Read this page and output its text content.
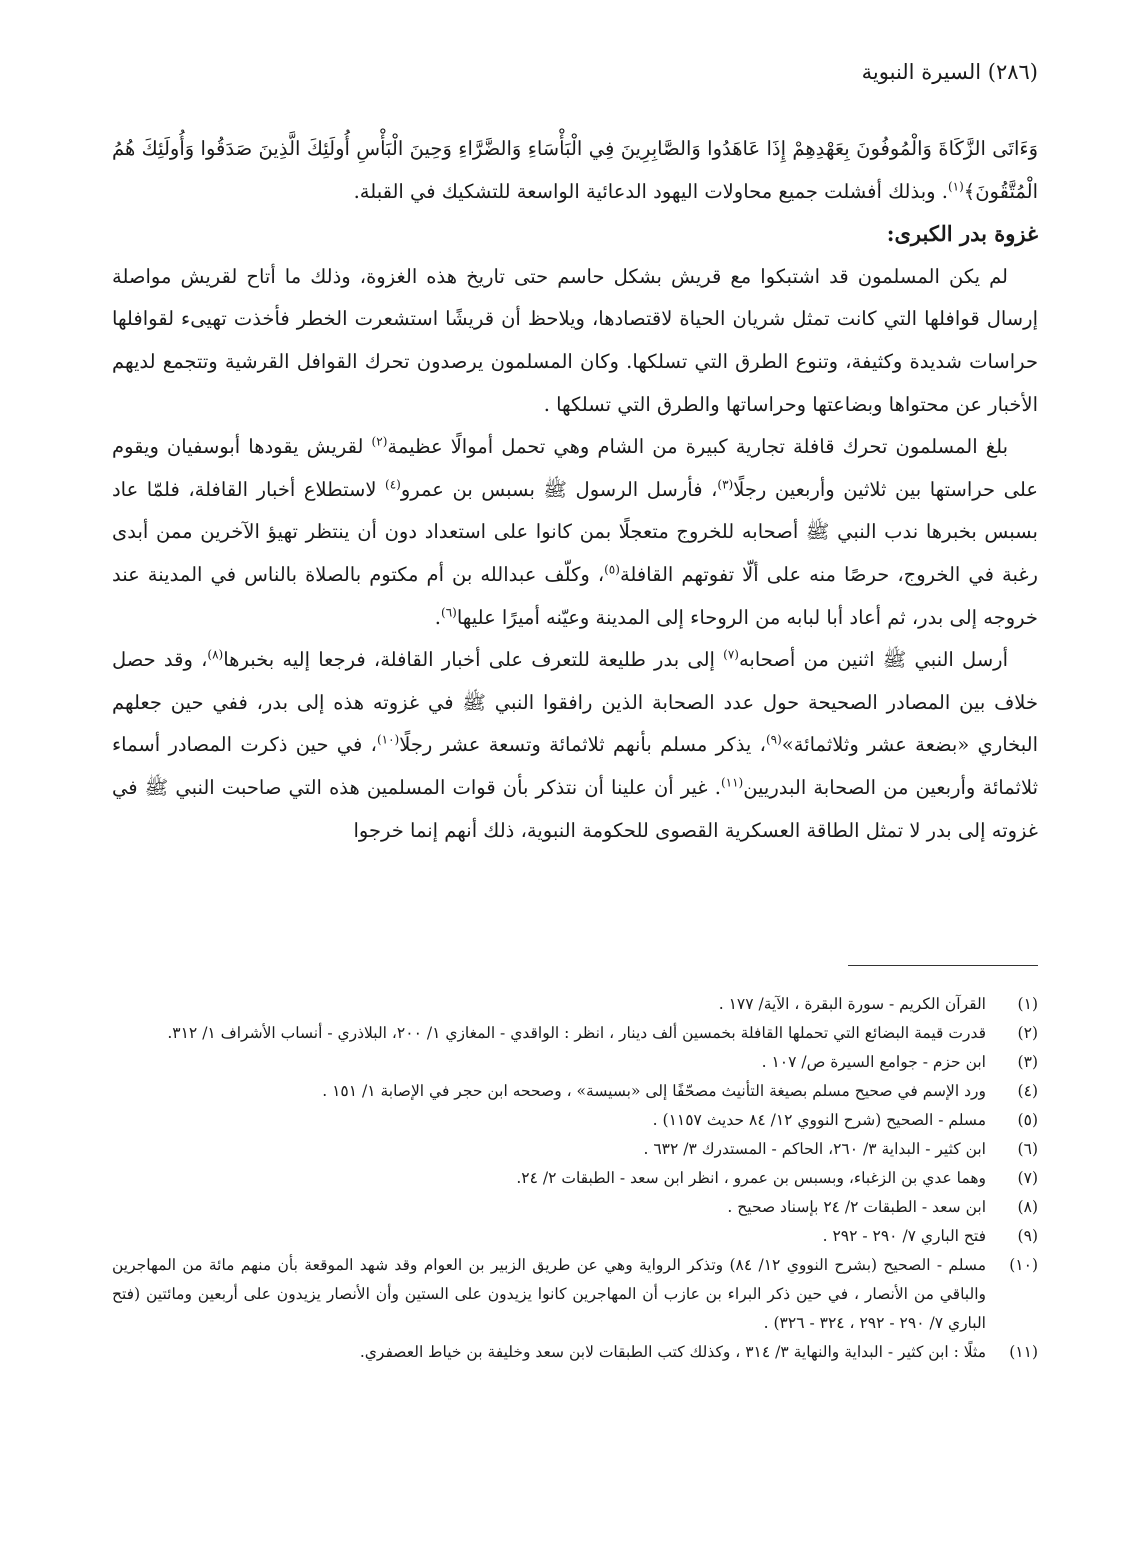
(٢٨٦) السيرة النبوية

وَءَاتَى الزَّكَاةَ وَالْمُوفُونَ بِعَهْدِهِمْ إِذَا عَاهَدُوا وَالصَّابِرِينَ فِي الْبَأْسَاءِ وَالضَّرَّاءِ وَحِينَ الْبَأْسِ أُولَئِكَ الَّذِينَ صَدَقُوا وَأُولَئِكَ هُمُ الْمُتَّقُونَ﴾$^{(١)}$. وبذلك أفشلت جميع محاولات اليهود الدعائية الواسعة للتشكيك في القبلة.

غزوة بدر الكبرى:

لم يكن المسلمون قد اشتبكوا مع قريش بشكل حاسم حتى تاريخ هذه الغزوة، وذلك ما أتاح لقريش مواصلة إرسال قوافلها التي كانت تمثل شريان الحياة لاقتصادها، ويلاحظ أن قريشًا استشعرت الخطر فأخذت تهيىء لقوافلها حراسات شديدة وكثيفة، وتنوع الطرق التي تسلكها. وكان المسلمون يرصدون تحرك القوافل القرشية وتتجمع لديهم الأخبار عن محتواها وبضاعتها وحراساتها والطرق التي تسلكها .

بلغ المسلمون تحرك قافلة تجارية كبيرة من الشام وهي تحمل أموالًا عظيمة$^{(٢)}$ لقريش يقودها أبوسفيان ويقوم على حراستها بين ثلاثين وأربعين رجلًا$^{(٣)}$، فأرسل الرسول ﷺ بسبس بن عمرو$^{(٤)}$ لاستطلاع أخبار القافلة، فلمّا عاد بسبس بخبرها ندب النبي ﷺ أصحابه للخروج متعجلًا بمن كانوا على استعداد دون أن ينتظر تهيؤ الآخرين ممن أبدى رغبة في الخروج، حرصًا منه على ألّا تفوتهم القافلة$^{(٥)}$، وكلّف عبدالله بن أم مكتوم بالصلاة بالناس في المدينة عند خروجه إلى بدر، ثم أعاد أبا لبابه من الروحاء إلى المدينة وعيّنه أميرًا عليها$^{(٦)}$.

أرسل النبي ﷺ اثنين من أصحابه$^{(٧)}$ إلى بدر طليعة للتعرف على أخبار القافلة، فرجعا إليه بخبرها$^{(٨)}$، وقد حصل خلاف بين المصادر الصحيحة حول عدد الصحابة الذين رافقوا النبي ﷺ في غزوته هذه إلى بدر، ففي حين جعلهم البخاري «بضعة عشر وثلاثمائة»$^{(٩)}$، يذكر مسلم بأنهم ثلاثمائة وتسعة عشر رجلًا$^{(١٠)}$، في حين ذكرت المصادر أسماء ثلاثمائة وأربعين من الصحابة البدريين$^{(١١)}$. غير أن علينا أن نتذكر بأن قوات المسلمين هذه التي صاحبت النبي ﷺ في غزوته إلى بدر لا تمثل الطاقة العسكرية القصوى للحكومة النبوية، ذلك أنهم إنما خرجوا

(١)
القرآن الكريم - سورة البقرة ، الآية/ ١٧٧ .
(٢)
قدرت قيمة البضائع التي تحملها القافلة بخمسين ألف دينار ، انظر : الواقدي - المغازي ١/ ٢٠٠، البلاذري - أنساب الأشراف ١/ ٣١٢.
(٣)
ابن حزم - جوامع السيرة ص/ ١٠٧ .
(٤)
ورد الإسم في صحيح مسلم بصيغة التأنيث مصحّفًا إلى «بسيسة» ، وصححه ابن حجر في الإصابة ١/ ١٥١ .
(٥)
مسلم - الصحيح (شرح النووي ١٢/ ٨٤ حديث ١١٥٧) .
(٦)
ابن كثير - البداية ٣/ ٢٦٠، الحاكم - المستدرك ٣/ ٦٣٢ .
(٧)
وهما عدي بن الزغباء، وبسبس بن عمرو ، انظر ابن سعد - الطبقات ٢/ ٢٤.
(٨)
ابن سعد - الطبقات ٢/ ٢٤ بإسناد صحيح .
(٩)
فتح الباري ٧/ ٢٩٠ - ٢٩٢ .
(١٠)
مسلم - الصحيح (بشرح النووي ١٢/ ٨٤) وتذكر الرواية وهي عن طريق الزبير بن العوام وقد شهد الموقعة بأن منهم مائة من المهاجرين والباقي من الأنصار ، في حين ذكر البراء بن عازب أن المهاجرين كانوا يزيدون على الستين وأن الأنصار يزيدون على أربعين ومائتين (فتح الباري ٧/ ٢٩٠ - ٢٩٢ ، ٣٢٤ - ٣٢٦) .
(١١)
مثلًا : ابن كثير - البداية والنهاية ٣/ ٣١٤ ، وكذلك كتب الطبقات لابن سعد وخليفة بن خياط العصفري.
